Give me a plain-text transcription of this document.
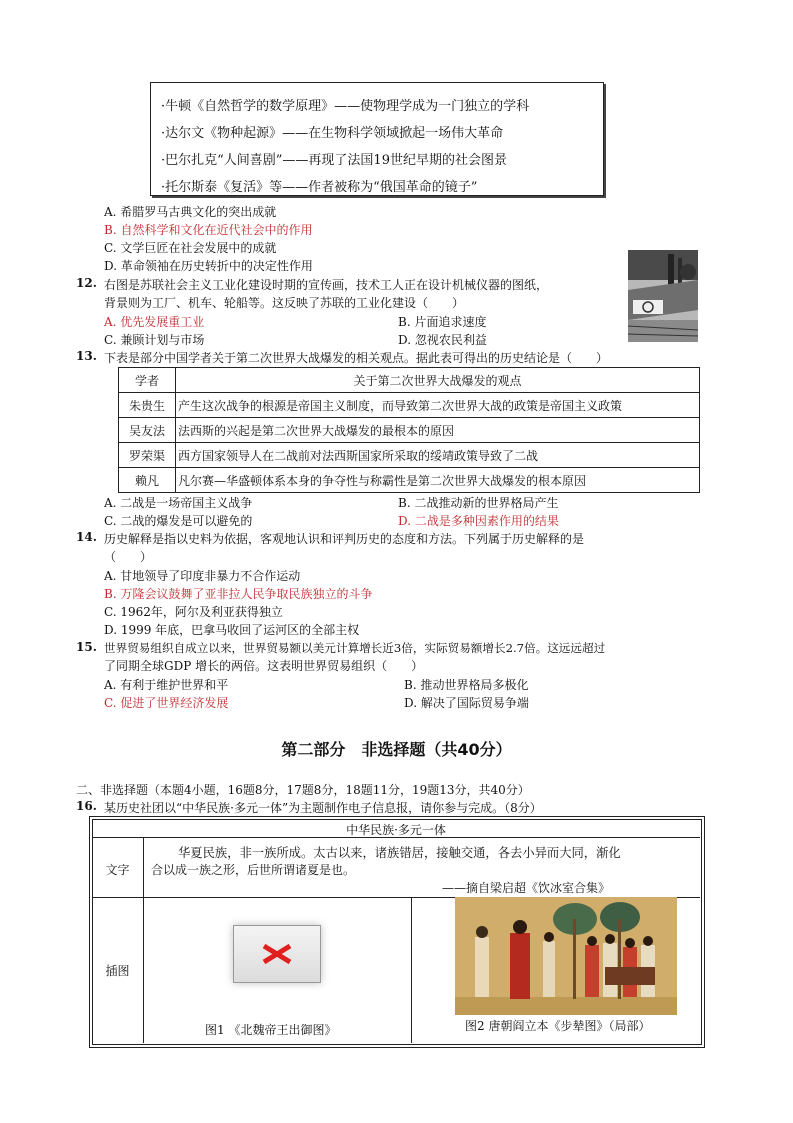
·牛顿《自然哲学的数学原理》——使物理学成为一门独立的学科
·达尔文《物种起源》——在生物科学领域掀起一场伟大革命
·巴尔扎克“人间喜剧”——再现了法国19世纪早期的社会图景
·托尔斯泰《复活》等——作者被称为“俄国革命的镜子”
A. 希腊罗马古典文化的突出成就
B. 自然科学和文化在近代社会中的作用
C. 文学巨匠在社会发展中的成就
D. 革命领袖在历史转折中的决定性作用
12. 右图是苏联社会主义工业化建设时期的宣传画，技术工人正在设计机械仪器的图纸，
背景则为工厂、机车、轮船等。这反映了苏联的工业化建设（　　）
A. 优先发展重工业	B. 片面追求速度
C. 兼顾计划与市场	D. 忽视农民利益
13. 下表是部分中国学者关于第二次世界大战爆发的相关观点。据此表可得出的历史结论是（　　）
学者	关于第二次世界大战爆发的观点
朱贵生	产生这次战争的根源是帝国主义制度，而导致第二次世界大战的政策是帝国主义政策
吴友法	法西斯的兴起是第二次世界大战爆发的最根本的原因
罗荣渠	西方国家领导人在二战前对法西斯国家所采取的绥靖政策导致了二战
赖凡	凡尔赛—华盛顿体系本身的争夺性与称霸性是第二次世界大战爆发的根本原因
A. 二战是一场帝国主义战争	B. 二战推动新的世界格局产生
C. 二战的爆发是可以避免的	D. 二战是多种因素作用的结果
14. 历史解释是指以史料为依据，客观地认识和评判历史的态度和方法。下列属于历史解释的是
（　　）
A. 甘地领导了印度非暴力不合作运动
B. 万隆会议鼓舞了亚非拉人民争取民族独立的斗争
C. 1962年，阿尔及利亚获得独立
D. 1999 年底，巴拿马收回了运河区的全部主权
15. 世界贸易组织自成立以来，世界贸易额以美元计算增长近3倍，实际贸易额增长2.7倍。这远远超过
了同期全球GDP 增长的两倍。这表明世界贸易组织（　　）
A. 有利于维护世界和平	B. 推动世界格局多极化
C. 促进了世界经济发展	D. 解决了国际贸易争端
第二部分　非选择题（共40分）
二、非选择题（本题4小题，16题8分，17题8分，18题11分，19题13分，共40分）
16. 某历史社团以“中华民族·多元一体”为主题制作电子信息报，请你参与完成。（8分）
中华民族·多元一体
文字
华夏民族，非一族所成。太古以来，诸族错居，接触交通，各去小异而大同，渐化
合以成一族之形，后世所谓诸夏是也。
——摘自梁启超《饮冰室合集》
插图
图1 《北魏帝王出御图》	图2 唐朝阎立本《步辇图》（局部）
